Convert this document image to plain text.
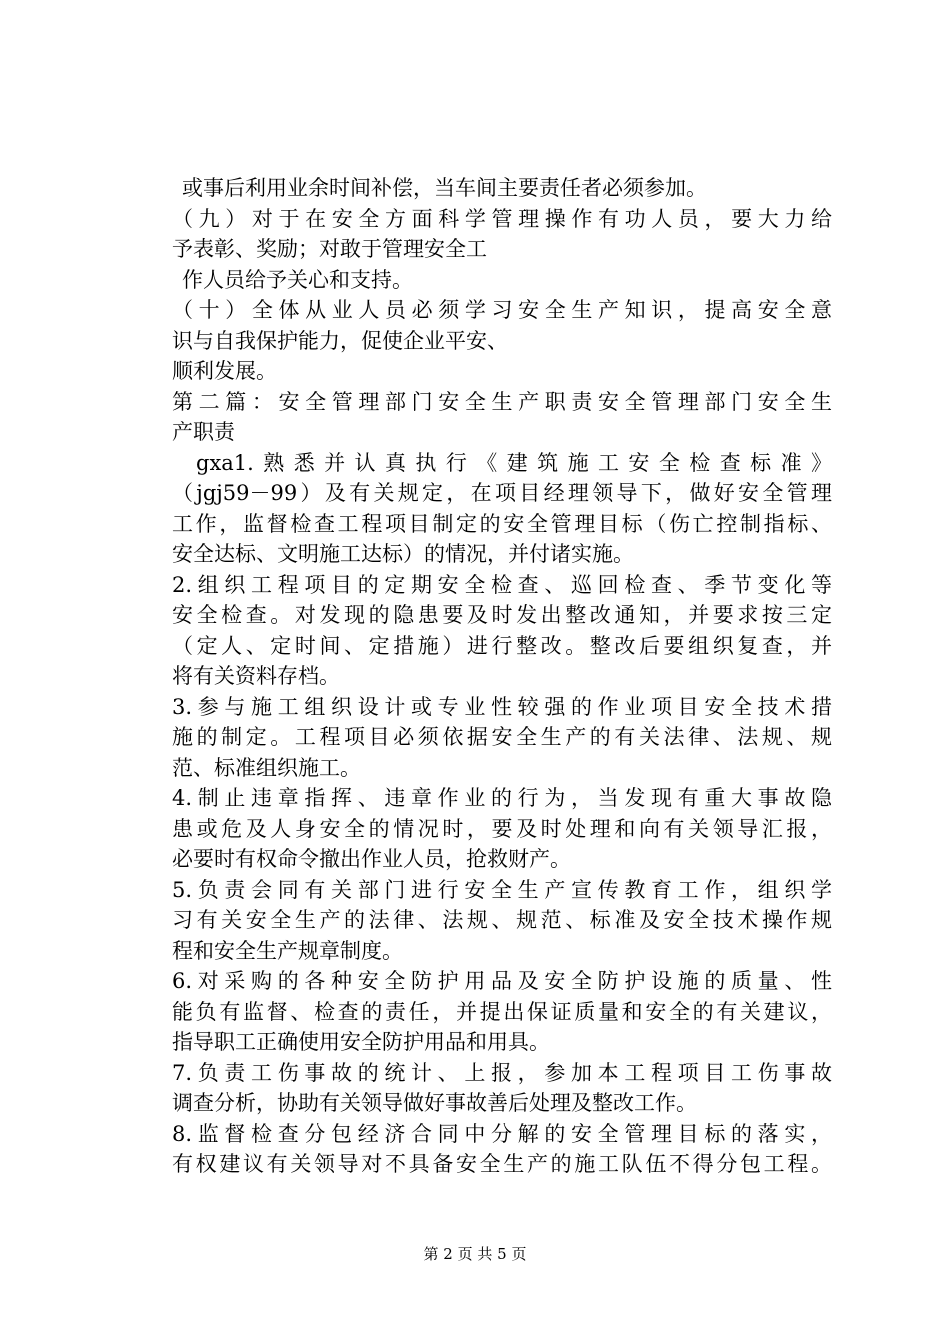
或事后利用业余时间补偿，当车间主要责任者必须参加。
（九）对于在安全方面科学管理操作有功人员，要大力给
予表彰、奖励；对敢于管理安全工
作人员给予关心和支持。
（十）全体从业人员必须学习安全生产知识，提高安全意
识与自我保护能力，促使企业平安、
顺利发展。
第二篇：安全管理部门安全生产职责安全管理部门安全生
产职责
gxa1.熟悉并认真执行《建筑施工安全检查标准》
（jgj59－99）及有关规定，在项目经理领导下，做好安全管理
工作，监督检查工程项目制定的安全管理目标（伤亡控制指标、
安全达标、文明施工达标）的情况，并付诸实施。
2.组织工程项目的定期安全检查、巡回检查、季节变化等
安全检查。对发现的隐患要及时发出整改通知，并要求按三定
（定人、定时间、定措施）进行整改。整改后要组织复查，并
将有关资料存档。
3.参与施工组织设计或专业性较强的作业项目安全技术措
施的制定。工程项目必须依据安全生产的有关法律、法规、规
范、标准组织施工。
4.制止违章指挥、违章作业的行为，当发现有重大事故隐
患或危及人身安全的情况时，要及时处理和向有关领导汇报，
必要时有权命令撤出作业人员，抢救财产。
5.负责会同有关部门进行安全生产宣传教育工作，组织学
习有关安全生产的法律、法规、规范、标准及安全技术操作规
程和安全生产规章制度。
6.对采购的各种安全防护用品及安全防护设施的质量、性
能负有监督、检查的责任，并提出保证质量和安全的有关建议，
指导职工正确使用安全防护用品和用具。
7.负责工伤事故的统计、上报，参加本工程项目工伤事故
调查分析，协助有关领导做好事故善后处理及整改工作。
8.监督检查分包经济合同中分解的安全管理目标的落实，
有权建议有关领导对不具备安全生产的施工队伍不得分包工程。
第 2 页 共 5 页
